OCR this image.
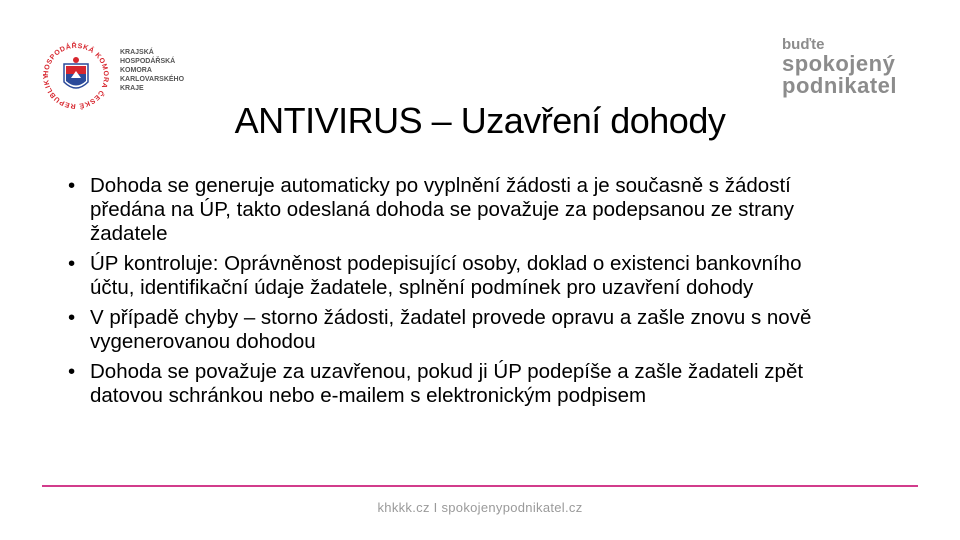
HOSPODÁŘSKÁ KOMORA ČESKÉ REPUBLIKY
KRAJSKÁ
HOSPODÁŘSKÁ
KOMORA
KARLOVARSKÉHO
KRAJE
buďte
spokojený
podnikatel
ANTIVIRUS – Uzavření dohody
• Dohoda se generuje automaticky po vyplnění žádosti a je současně s žádostí předána na ÚP, takto odeslaná dohoda se považuje za podepsanou ze strany žadatele
• ÚP kontroluje: Oprávněnost podepisující osoby, doklad o existenci bankovního účtu, identifikační údaje žadatele, splnění podmínek pro uzavření dohody
• V případě chyby – storno žádosti, žadatel provede opravu a zašle znovu s nově vygenerovanou dohodou
• Dohoda se považuje za uzavřenou, pokud ji ÚP podepíše a zašle žadateli zpět datovou schránkou nebo e-mailem s elektronickým podpisem
khkkk.cz I spokojenypodnikatel.cz
